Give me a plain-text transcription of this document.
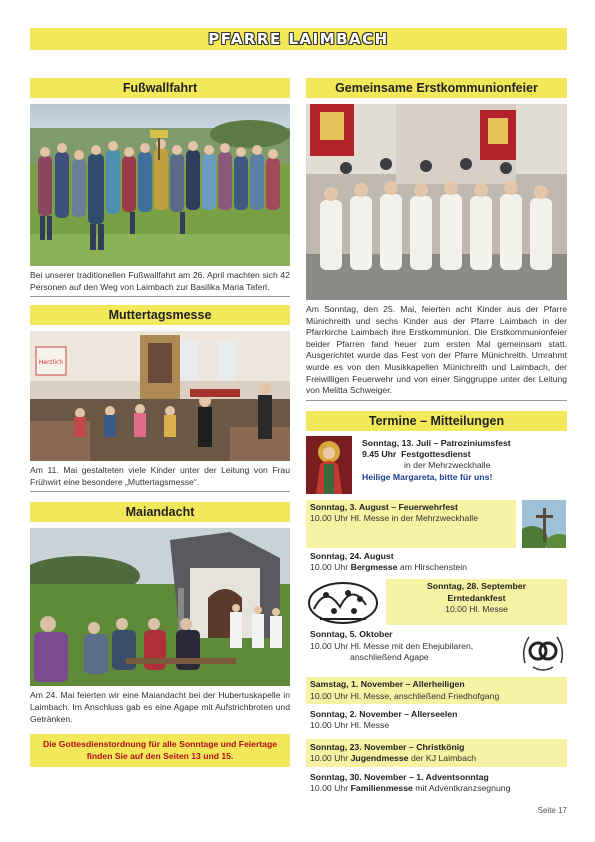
PFARRE LAIMBACH
Fußwallfahrt
Bei unserer traditionellen Fußwallfahrt am 26. April machten sich 42 Personen auf den Weg von Laimbach zur Basilika Maria Taferl.
Muttertagsmesse
Herzlich
Am 11. Mai gestalteten viele Kinder unter der Leitung von Frau Frühwirt eine besondere „Muttertagsmesse“.
Maiandacht
Am 24. Mai feierten wir eine Maiandacht bei der Hubertuskapelle in Laimbach. Im Anschluss gab es eine Agape mit Aufstrichbroten und Getränken.
Die Gottesdienstordnung für alle Sonntage und Feiertage finden Sie auf den Seiten 13 und 15.
Gemeinsame Erstkommunionfeier
Am Sonntag, den 25. Mai, feierten acht Kinder aus der Pfarre Münichreith und sechs Kinder aus der Pfarre Laimbach in der Pfarrkirche Laimbach ihre Erstkommunion. Die Erstkommunionfeier beider Pfarren fand heuer zum ersten Mal gemeinsam statt. Ausgerichtet wurde das Fest von der Pfarre Münichreith. Umrahmt wurde es von den Musikkapellen Münichreith und Laimbach, der Freiwilligen Feuerwehr und von einer Singgruppe unter der Leitung von Melitta Schweiger.
Termine – Mitteilungen
Sonntag, 13. Juli – Patroziniumsfest
9.45 Uhr Festgottesdienst
in der Mehrzweckhalle
Heilige Margareta, bitte für uns!
Sonntag, 3. August – Feuerwehrfest
10.00 Uhr Hl. Messe in der Mehrzweckhalle
Sonntag, 24. August
10.00 Uhr Bergmesse am Hirschenstein
Sonntag, 28. September
Erntedankfest
10.00 Hl. Messe
Sonntag, 5. Oktober
10.00 Uhr Hl. Messe mit den Ehejubilaren,
anschließend Agape
Samstag, 1. November – Allerheiligen
10.00 Uhr Hl. Messe, anschließend Friedhofgang
Sonntag, 2. November – Allerseelen
10.00 Uhr Hl. Messe
Sonntag, 23. November – Christkönig
10.00 Uhr Jugendmesse der KJ Laimbach
Sonntag, 30. November – 1. Adventsonntag
10.00 Uhr Familienmesse mit Adventkranzsegnung
Seite 17
